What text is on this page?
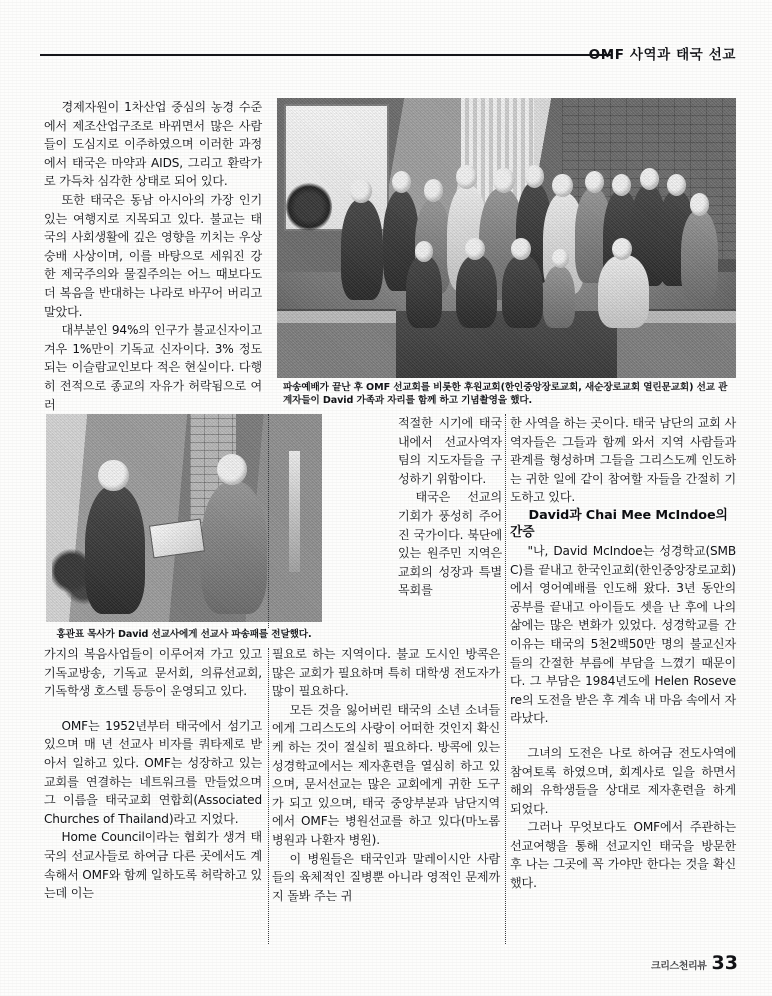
OMF 사역과 태국 선교
파송예배가 끝난 후 OMF 선교회를 비롯한 후원교회(한인중앙장로교회, 새순장로교회 열린문교회) 선교 관계자들이 David 가족과 자리를 함께 하고 기념촬영을 했다.
홍관표 목사가 David 선교사에게 선교사 파송패를 전달했다.

경제자원이 1차산업 중심의 농경 수준에서 제조산업구조로 바뀌면서 많은 사람들이 도심지로 이주하였으며 이러한 과정에서 태국은 마약과 AIDS, 그리고 환락가로 가득차 심각한 상태로 되어 있다.

또한 태국은 동남 아시아의 가장 인기있는 여행지로 지목되고 있다. 불교는 태국의 사회생활에 깊은 영향을 끼치는 우상숭배 사상이며, 이를 바탕으로 세워진 강한 제국주의와 물질주의는 어느 때보다도 더 복음을 반대하는 나라로 바꾸어 버리고 말았다.

대부분인 94%의 인구가 불교신자이고 겨우 1%만이 기독교 신자이다. 3% 정도되는 이슬람교인보다 적은 현실이다. 다행히 전적으로 종교의 자유가 허락됨으로 여러

가지의 복음사업들이 이루어져 가고 있고 기독교방송, 기독교 문서회, 의류선교회, 기독학생 호스텔 등등이 운영되고 있다.

OMF는 1952년부터 태국에서 섬기고 있으며 매 년 선교사 비자를 쿼타제로 받아서 일하고 있다. OMF는 성장하고 있는 교회를 연결하는 네트워크를 만들었으며 그 이름을 태국교회 연합회(Associated Churches of Thailand)라고 지었다.

Home Council이라는 협회가 생겨 태국의 선교사들로 하여금 다른 곳에서도 계속해서 OMF와 함께 일하도록 허락하고 있는데 이는

적절한 시기에 태국 내에서 선교사역자 팀의 지도자들을 구성하기 위함이다.

태국은 선교의 기회가 풍성히 주어진 국가이다. 북단에 있는 원주민 지역은 교회의 성장과 특별 목회를

필요로 하는 지역이다. 불교 도시인 방콕은 많은 교회가 필요하며 특히 대학생 전도자가 많이 필요하다.

모든 것을 잃어버린 태국의 소년 소녀들에게 그리스도의 사랑이 어떠한 것인지 확신케 하는 것이 절실히 필요하다. 방콕에 있는 성경학교에서는 제자훈련을 열심히 하고 있으며, 문서선교는 많은 교회에게 귀한 도구가 되고 있으며, 태국 중앙부분과 남단지역에서 OMF는 병원선교를 하고 있다(마노롬 병원과 나환자 병원).

이 병원들은 태국인과 말레이시안 사람들의 육체적인 질병뿐 아니라 영적인 문제까지 돌봐 주는 귀

한 사역을 하는 곳이다. 태국 남단의 교회 사역자들은 그들과 함께 와서 지역 사람들과 관계를 형성하며 그들을 그리스도께 인도하는 귀한 일에 같이 참여할 자들을 간절히 기도하고 있다.

David과 Chai Mee McIndoe의 간증

"나, David McIndoe는 성경학교(SMBC)를 끝내고 한국인교회(한인중앙장로교회)에서 영어예배를 인도해 왔다. 3년 동안의 공부를 끝내고 아이들도 셋을 난 후에 나의 삶에는 많은 변화가 있었다. 성경학교를 간 이유는 태국의 5천2백50만 명의 불교신자들의 간절한 부름에 부담을 느꼈기 때문이다. 그 부담은 1984년도에 Helen Rosevere의 도전을 받은 후 계속 내 마음 속에서 자라났다.

그녀의 도전은 나로 하여금 전도사역에 참여토록 하였으며, 회계사로 일을 하면서 해외 유학생들을 상대로 제자훈련을 하게 되었다.

그러나 무엇보다도 OMF에서 주관하는 선교여행을 통해 선교지인 태국을 방문한 후 나는 그곳에 꼭 가야만 한다는 것을 확신했다.

크리스천리뷰 33
